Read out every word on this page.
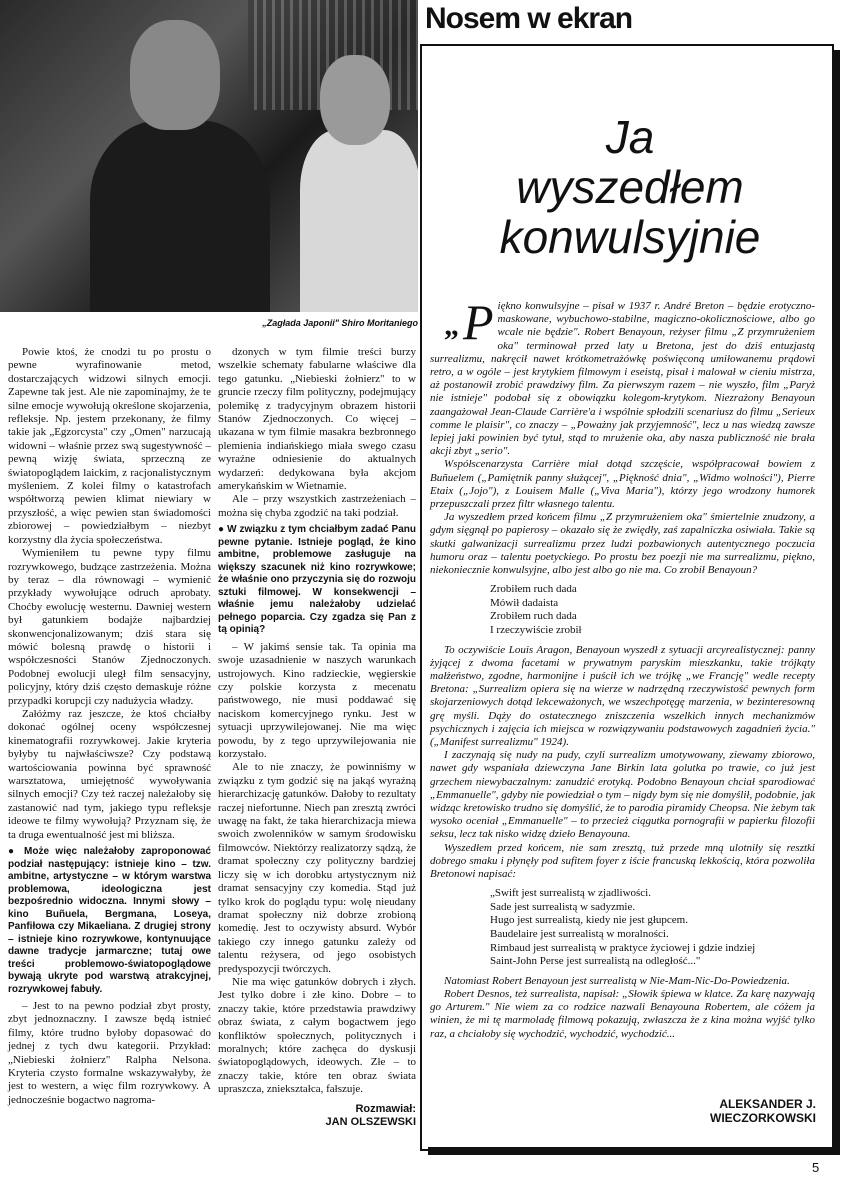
Nosem w ekran
„Zagłada Japonii" Shiro Moritaniego

Powie ktoś, że cnodzi tu po prostu o pewne wyrafinowanie metod, dostarczających widzowi silnych emocji. Zapewne tak jest. Ale nie zapominajmy, że te silne emocje wywołują określone skojarzenia, refleksje. Np. jestem przekonany, że filmy takie jak „Egzorcysta" czy „Omen" narzucają widowni – właśnie przez swą sugestywność – pewną wizję świata, sprzeczną ze światopoglądem laickim, z racjonalistycznym myśleniem. Z kolei filmy o katastrofach współtworzą pewien klimat niewiary w przyszłość, a więc pewien stan świadomości zbiorowej – powiedziałbym – niezbyt korzystny dla życia społeczeństwa.

Wymieniłem tu pewne typy filmu rozrywkowego, budzące zastrzeżenia. Można by teraz – dla równowagi – wymienić przykłady wywołujące odruch aprobaty. Choćby ewolucję westernu. Dawniej western był gatunkiem bodajże najbardziej skonwencjonalizowanym; dziś stara się mówić bolesną prawdę o historii i współczesności Stanów Zjednoczonych. Podobnej ewolucji uległ film sensacyjny, policyjny, który dziś często demaskuje różne przypadki korupcji czy nadużycia władzy.

Załóżmy raz jeszcze, że ktoś chciałby dokonać ogólnej oceny współczesnej kinematografii rozrywkowej. Jakie kryteria byłyby tu najwłaściwsze? Czy podstawą wartościowania powinna być sprawność warsztatowa, umiejętność wywoływania silnych emocji? Czy też raczej należałoby się zastanowić nad tym, jakiego typu refleksje ideowe te filmy wywołują? Przyznam się, że ta druga ewentualność jest mi bliższa.

● Może więc należałoby zaproponować podział następujący: istnieje kino – tzw. ambitne, artystyczne – w którym warstwa problemowa, ideologiczna jest bezpośrednio widoczna. Innymi słowy – kino Buñuela, Bergmana, Loseya, Panfiłowa czy Mikaeliana. Z drugiej strony – istnieje kino rozrywkowe, kontynuujące dawne tradycje jarmarczne; tutaj owe treści problemowo-światopoglądowe bywają ukryte pod warstwą atrakcyjnej, rozrywkowej fabuły.

– Jest to na pewno podział zbyt prosty, zbyt jednoznaczny. I zawsze będą istnieć filmy, które trudno byłoby dopasować do jednej z tych dwu kategorii. Przykład: „Niebieski żołnierz" Ralpha Nelsona. Kryteria czysto formalne wskazywałyby, że jest to western, a więc film rozrywkowy. A jednocześnie bogactwo nagroma-

dzonych w tym filmie treści burzy wszelkie schematy fabularne właściwe dla tego gatunku. „Niebieski żołnierz" to w gruncie rzeczy film polityczny, podejmujący polemikę z tradycyjnym obrazem historii Stanów Zjednoczonych. Co więcej – ukazana w tym filmie masakra bezbronnego plemienia indiańskiego miała swego czasu wyraźne odniesienie do aktualnych wydarzeń: dedykowana była akcjom amerykańskim w Wietnamie.

Ale – przy wszystkich zastrzeżeniach – można się chyba zgodzić na taki podział.

● W związku z tym chciałbym zadać Panu pewne pytanie. Istnieje pogląd, że kino ambitne, problemowe zasługuje na większy szacunek niż kino rozrywkowe; że właśnie ono przyczynia się do rozwoju sztuki filmowej. W konsekwencji – właśnie jemu należałoby udzielać pełnego poparcia. Czy zgadza się Pan z tą opinią?

– W jakimś sensie tak. Ta opinia ma swoje uzasadnienie w naszych warunkach ustrojowych. Kino radzieckie, węgierskie czy polskie korzysta z mecenatu państwowego, nie musi poddawać się naciskom komercyjnego rynku. Jest w sytuacji uprzywilejowanej. Nie ma więc powodu, by z tego uprzywilejowania nie korzystało.

Ale to nie znaczy, że powinniśmy w związku z tym godzić się na jakąś wyraźną hierarchizację gatunków. Dałoby to rezultaty raczej niefortunne. Niech pan zresztą zwróci uwagę na fakt, że taka hierarchizacja miewa swoich zwolenników w samym środowisku filmowców. Niektórzy realizatorzy sądzą, że dramat społeczny czy polityczny bardziej liczy się w ich dorobku artystycznym niż dramat sensacyjny czy komedia. Stąd już tylko krok do poglądu typu: wolę nieudany dramat społeczny niż dobrze zrobioną komedię. Jest to oczywisty absurd. Wybór takiego czy innego gatunku zależy od talentu reżysera, od jego osobistych predyspozycji twórczych.

Nie ma więc gatunków dobrych i złych. Jest tylko dobre i złe kino. Dobre – to znaczy takie, które przedstawia prawdziwy obraz świata, z całym bogactwem jego konfliktów społecznych, politycznych i moralnych; które zachęca do dyskusji światopoglądowych, ideowych. Złe – to znaczy takie, które ten obraz świata upraszcza, zniekształca, fałszuje.

Rozmawiał:
JAN OLSZEWSKI
Ja
wyszedłem
konwulsyjnie
„ P iękno konwulsyjne – pisał w 1937 r. André Breton – będzie erotyczno-maskowane, wybuchowo-stabilne, magiczno-okolicznościowe, albo go wcale nie będzie". Robert Benayoun, reżyser filmu „Z przymrużeniem oka" terminował przed laty u Bretona, jest do dziś entuzjastą surrealizmu, nakręcił nawet krótkometrażówkę poświęconą umiłowanemu prądowi retro, a w ogóle – jest krytykiem filmowym i eseistą, pisał i malował w cieniu mistrza, aż postanowił zrobić prawdziwy film. Za pierwszym razem – nie wyszło, film „Paryż nie istnieje" podobał się z obowiązku kolegom-krytykom. Niezrażony Benayoun zaangażował Jean-Claude Carrière'a i wspólnie spłodzili scenariusz do filmu „Serieux comme le plaisir", co znaczy – „Poważny jak przyjemność", lecz u nas wiedzą zawsze lepiej jaki powinien być tytuł, stąd to mrużenie oka, aby nasza publiczność nie brała akcji zbyt „serio".

Współscenarzysta Carrière miał dotąd szczęście, współpracował bowiem z Buñuelem („Pamiętnik panny służącej", „Piękność dnia", „Widmo wolności"), Pierre Etaix („Jojo"), z Louisem Malle („Viva Maria"), którzy jego wrodzony humorek przepuszczali przez filtr własnego talentu.

Ja wyszedłem przed końcem filmu „Z przymrużeniem oka" śmiertelnie znudzony, a gdym sięgnął po papierosy – okazało się że zwiędły, zaś zapalniczka osiwiała. Takie są skutki galwanizacji surrealizmu przez ludzi pozbawionych autentycznego poczucia humoru oraz – talentu poetyckiego. Po prostu bez poezji nie ma surrealizmu, piękno, niekoniecznie konwulsyjne, albo jest albo go nie ma. Co zrobił Benayoun?

Zrobiłem ruch dada
Mówił dadaista
Zrobiłem ruch dada
I rzeczywiście zrobił

To oczywiście Louis Aragon, Benayoun wyszedł z sytuacji arcyrealistycznej: panny żyjącej z dwoma facetami w prywatnym paryskim mieszkanku, takie trójkąty małżeństwo, zgodne, harmonijne i puścił ich we trójkę „we Francję" wedle recepty Bretona: „Surrealizm opiera się na wierze w nadrzędną rzeczywistość pewnych form skojarzeniowych dotąd lekceważonych, we wszechpotęgę marzenia, w bezinteresowną grę myśli. Dąży do ostatecznego zniszczenia wszelkich innych mechanizmów psychicznych i zajęcia ich miejsca w rozwiązywaniu podstawowych zagadnień życia." („Manifest surrealizmu" 1924).

I zaczynają się nudy na pudy, czyli surrealizm umotywowany, ziewamy zbiorowo, nawet gdy wspaniała dziewczyna Jane Birkin lata golutka po trawie, co już jest grzechem niewybaczalnym: zanudzić erotyką. Podobno Benayoun chciał sparodiować „Emmanuelle", gdyby nie powiedział o tym – nigdy bym się nie domyślił, podobnie, jak widząc kretowisko trudno się domyślić, że to parodia piramidy Cheopsa. Nie żebym tak wysoko oceniał „Emmanuelle" – to przecież ciągutka pornografii w papierku filozofii seksu, lecz tak nisko widzę dzieło Benayouna.

Wyszedłem przed końcem, nie sam zresztą, tuż przede mną ulotniły się resztki dobrego smaku i płynęły pod sufitem foyer z iście francuską lekkością, która pozwoliła Bretonowi napisać:

„Swift jest surrealistą w zjadliwości.
Sade jest surrealistą w sadyzmie.
Hugo jest surrealistą, kiedy nie jest głupcem.
Baudelaire jest surrealistą w moralności.
Rimbaud jest surrealistą w praktyce życiowej i gdzie indziej
Saint-John Perse jest surrealistą na odległość..."

Natomiast Robert Benayoun jest surrealistą w Nie-Mam-Nic-Do-Powiedzenia.

Robert Desnos, też surrealista, napisał: „Słowik śpiewa w klatce. Za karę nazywają go Arturem." Nie wiem za co rodzice nazwali Benayouna Robertem, ale cóżem ja winien, że mi tę marmoladę filmową pokazują, zwłaszcza że z kina można wyjść tylko raz, a chciałoby się wychodzić, wychodzić, wychodzić...

ALEKSANDER J.
WIECZORKOWSKI
5
